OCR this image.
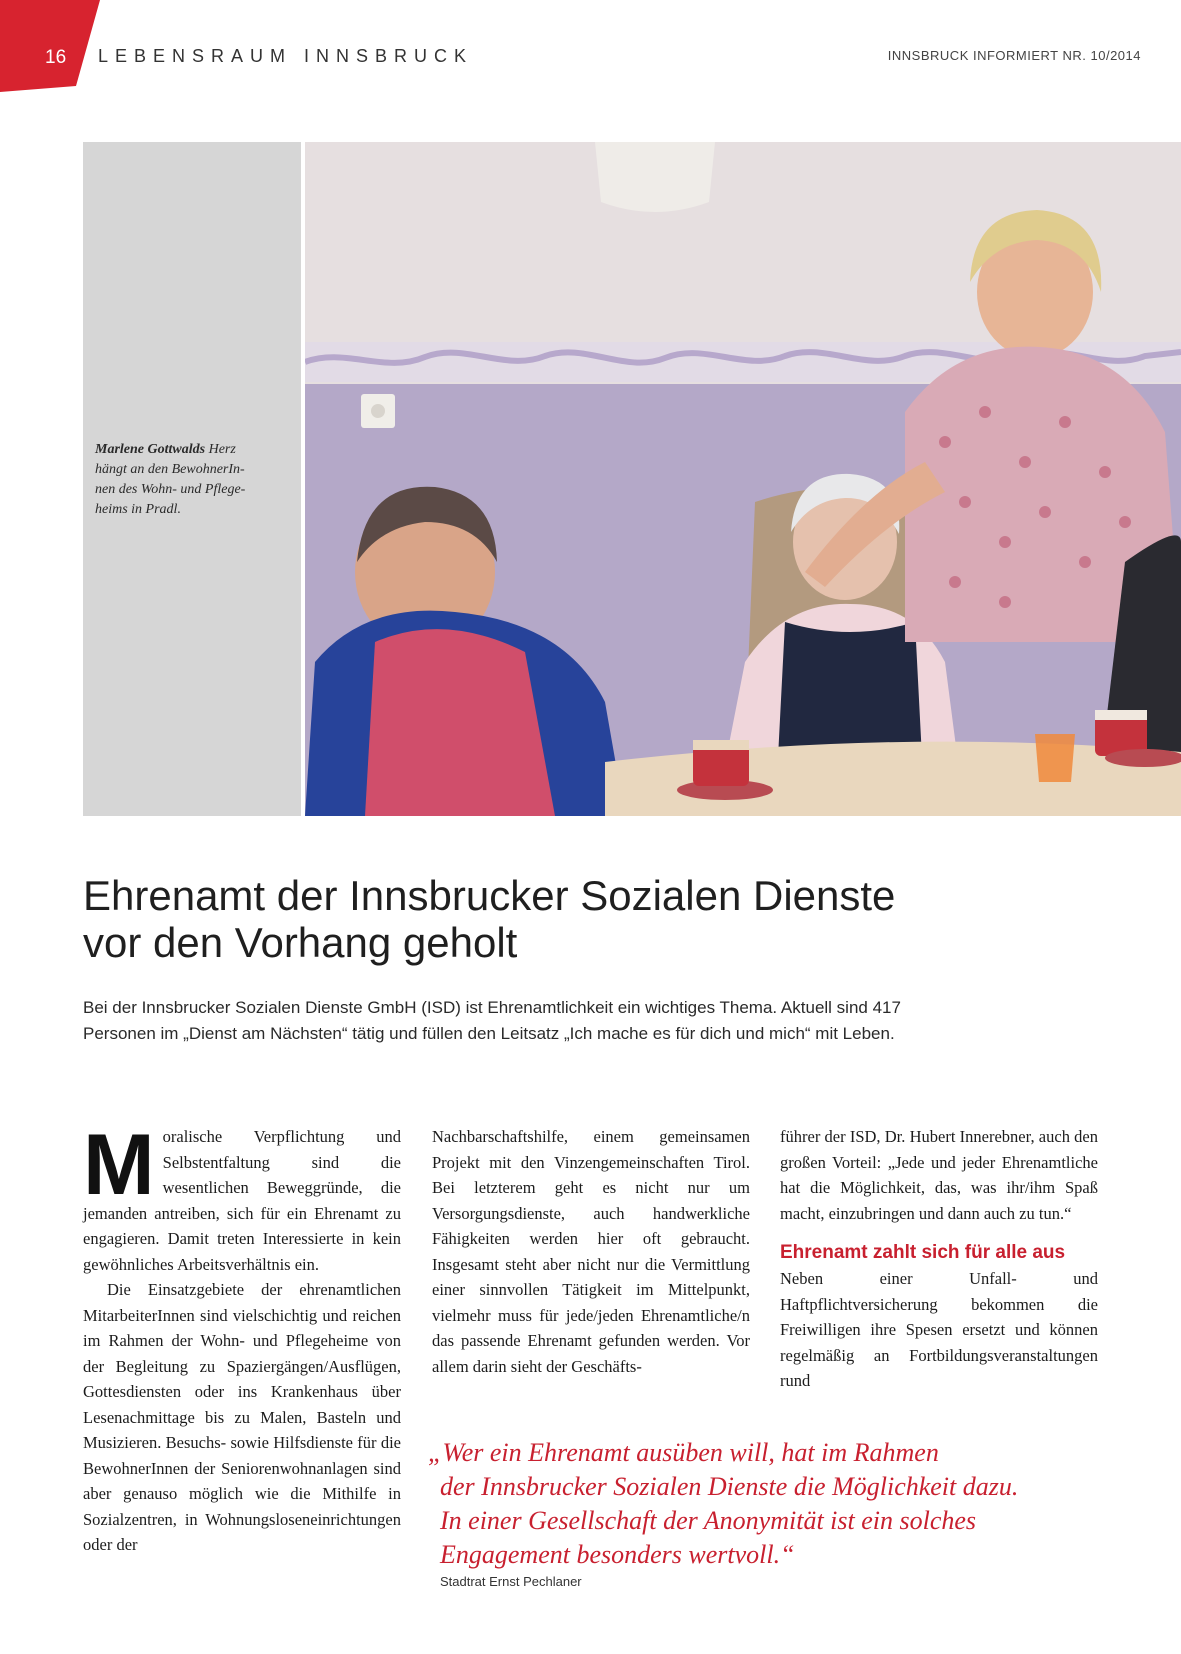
16 LEBENSRAUM INNSBRUCK	INNSBRUCK INFORMIERT NR. 10/2014
Marlene Gottwalds Herz
hängt an den BewohnerIn-
nen des Wohn- und Pflege-
heims in Pradl.
Ehrenamt der Innsbrucker Sozialen Dienste
vor den Vorhang geholt

Bei der Innsbrucker Sozialen Dienste GmbH (ISD) ist Ehrenamtlichkeit ein wichtiges Thema. Aktuell sind 417
Personen im „Dienst am Nächsten“ tätig und füllen den Leitsatz „Ich mache es für dich und mich“ mit Leben.

Moralische Verpflichtung und Selbstentfaltung sind die wesentlichen Beweggründe, die jemanden antreiben, sich für ein Ehrenamt zu engagieren. Damit treten Interessierte in kein gewöhnliches Arbeitsverhältnis ein.

Die Einsatzgebiete der ehrenamtlichen MitarbeiterInnen sind vielschichtig und reichen im Rahmen der Wohn- und Pflegeheime von der Begleitung zu Spaziergängen/Ausflügen, Gottesdiensten oder ins Krankenhaus über Lesenachmittage bis zu Malen, Basteln und Musizieren. Besuchs- sowie Hilfsdienste für die BewohnerInnen der Seniorenwohnanlagen sind aber genauso möglich wie die Mithilfe in Sozialzentren, in Wohnungsloseneinrichtungen oder der

Nachbarschaftshilfe, einem gemeinsamen Projekt mit den Vinzengemeinschaften Tirol. Bei letzterem geht es nicht nur um Versorgungsdienste, auch handwerkliche Fähigkeiten werden hier oft gebraucht. Insgesamt steht aber nicht nur die Vermittlung einer sinnvollen Tätigkeit im Mittelpunkt, vielmehr muss für jede/jeden Ehrenamtliche/n das passende Ehrenamt gefunden werden. Vor allem darin sieht der Geschäfts-

führer der ISD, Dr. Hubert Innerebner, auch den großen Vorteil: „Jede und jeder Ehrenamtliche hat die Möglichkeit, das, was ihr/ihm Spaß macht, einzubringen und dann auch zu tun.“

Ehrenamt zahlt sich für alle aus

Neben einer Unfall- und Haftpflichtversicherung bekommen die Freiwilligen ihre Spesen ersetzt und können regelmäßig an Fortbildungsveranstaltungen rund

„Wer ein Ehrenamt ausüben will, hat im Rahmen
der Innsbrucker Sozialen Dienste die Möglichkeit dazu.
In einer Gesellschaft der Anonymität ist ein solches
Engagement besonders wertvoll.“
Stadtrat Ernst Pechlaner
